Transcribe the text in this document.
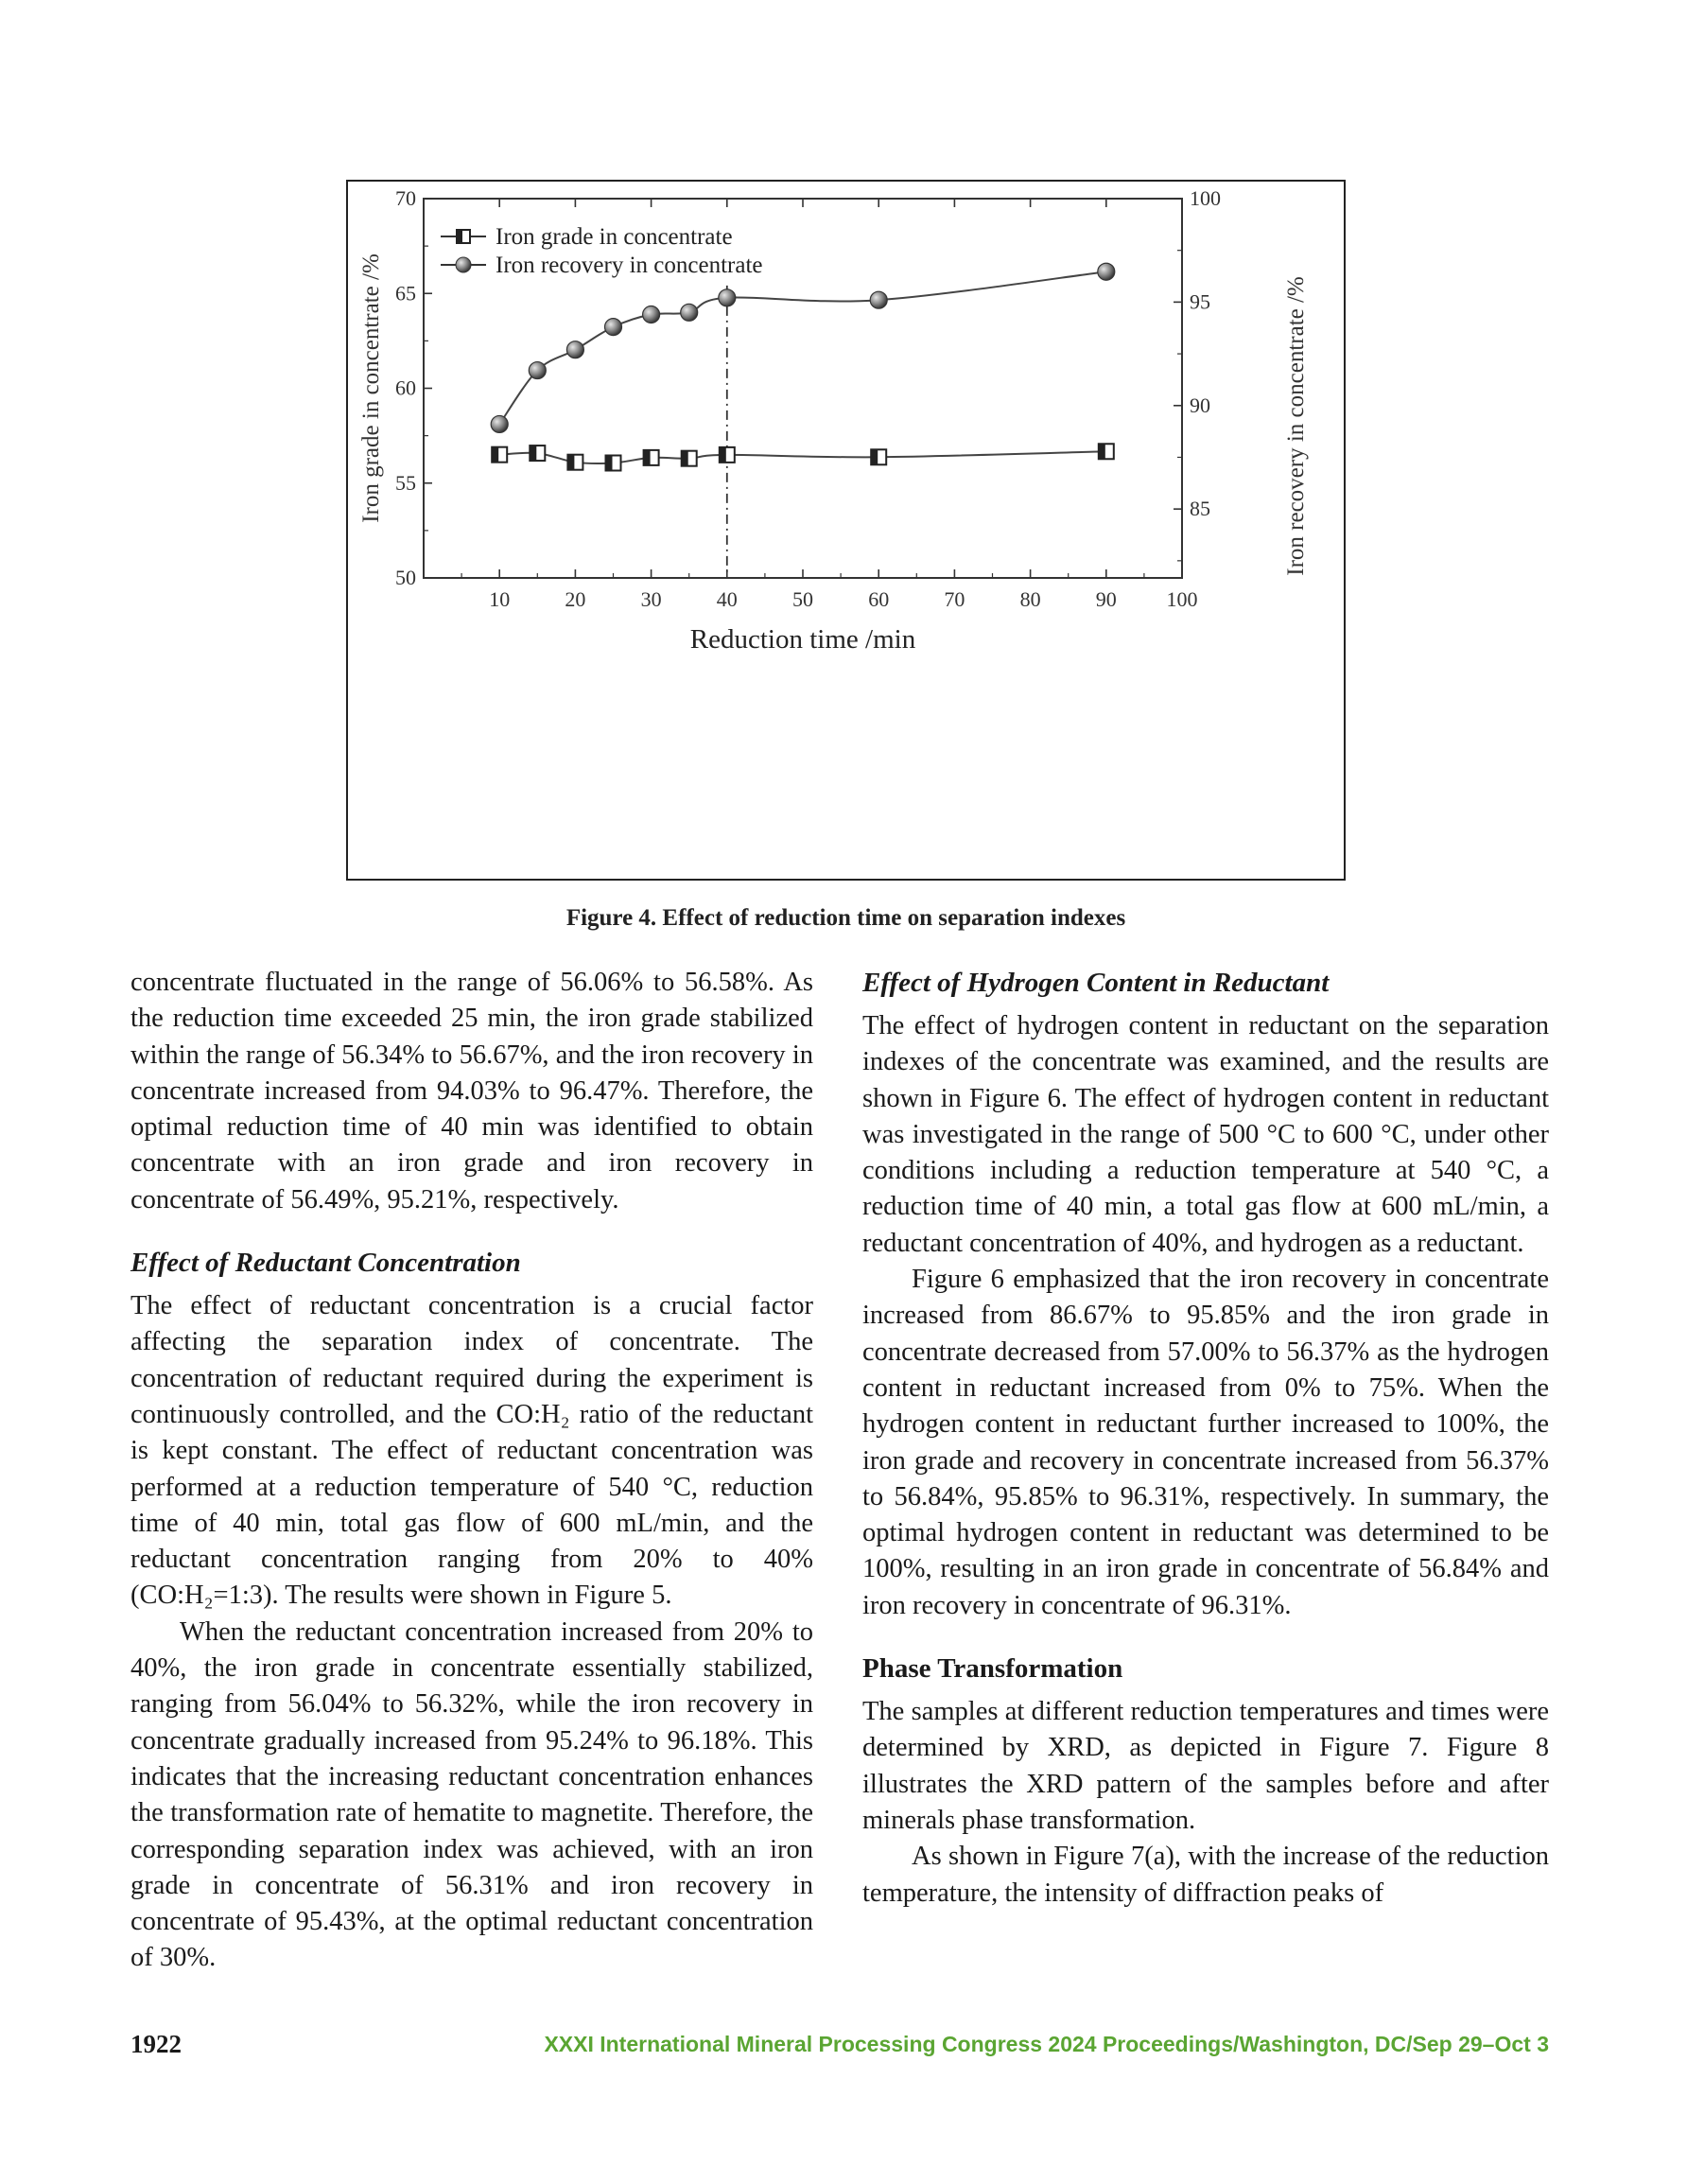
10	20	30	40	50	60	70	80	90 100
50
55
60
65
70
85
90
95
100
Reduction time /min
Iron grade in concentrate /%	Iron recovery in concentrate /%
Iron grade in concentrate
Iron recovery in concentrate
Figure 4. Effect of reduction time on separation indexes

concentrate fluctuated in the range of 56.06% to 56.58%. As the reduction time exceeded 25 min, the iron grade stabilized within the range of 56.34% to 56.67%, and the iron recovery in concentrate increased from 94.03% to 96.47%. Therefore, the optimal reduction time of 40 min was identified to obtain concentrate with an iron grade and iron recovery in concentrate of 56.49%, 95.21%, respectively.

Effect of Reductant Concentration

The effect of reductant concentration is a crucial factor affecting the separation index of concentrate. The concentration of reductant required during the experiment is continuously controlled, and the CO:H₂ ratio of the reductant is kept constant. The effect of reductant concentration was performed at a reduction temperature of 540 °C, reduction time of 40 min, total gas flow of 600 mL/min, and the reductant concentration ranging from 20% to 40% (CO:H₂=1:3). The results were shown in Figure 5.

When the reductant concentration increased from 20% to 40%, the iron grade in concentrate essentially stabilized, ranging from 56.04% to 56.32%, while the iron recovery in concentrate gradually increased from 95.24% to 96.18%. This indicates that the increasing reductant concentration enhances the transformation rate of hematite to magnetite. Therefore, the corresponding separation index was achieved, with an iron grade in concentrate of 56.31% and iron recovery in concentrate of 95.43%, at the optimal reductant concentration of 30%.

Effect of Hydrogen Content in Reductant

The effect of hydrogen content in reductant on the separation indexes of the concentrate was examined, and the results are shown in Figure 6. The effect of hydrogen content in reductant was investigated in the range of 500 °C to 600 °C, under other conditions including a reduction temperature at 540 °C, a reduction time of 40 min, a total gas flow at 600 mL/min, a reductant concentration of 40%, and hydrogen as a reductant.

Figure 6 emphasized that the iron recovery in concentrate increased from 86.67% to 95.85% and the iron grade in concentrate decreased from 57.00% to 56.37% as the hydrogen content in reductant increased from 0% to 75%. When the hydrogen content in reductant further increased to 100%, the iron grade and recovery in concentrate increased from 56.37% to 56.84%, 95.85% to 96.31%, respectively. In summary, the optimal hydrogen content in reductant was determined to be 100%, resulting in an iron grade in concentrate of 56.84% and iron recovery in concentrate of 96.31%.

Phase Transformation

The samples at different reduction temperatures and times were determined by XRD, as depicted in Figure 7. Figure 8 illustrates the XRD pattern of the samples before and after minerals phase transformation.

As shown in Figure 7(a), with the increase of the reduction temperature, the intensity of diffraction peaks of

1922	XXXI International Mineral Processing Congress 2024 Proceedings/Washington, DC/Sep 29–Oct 3
